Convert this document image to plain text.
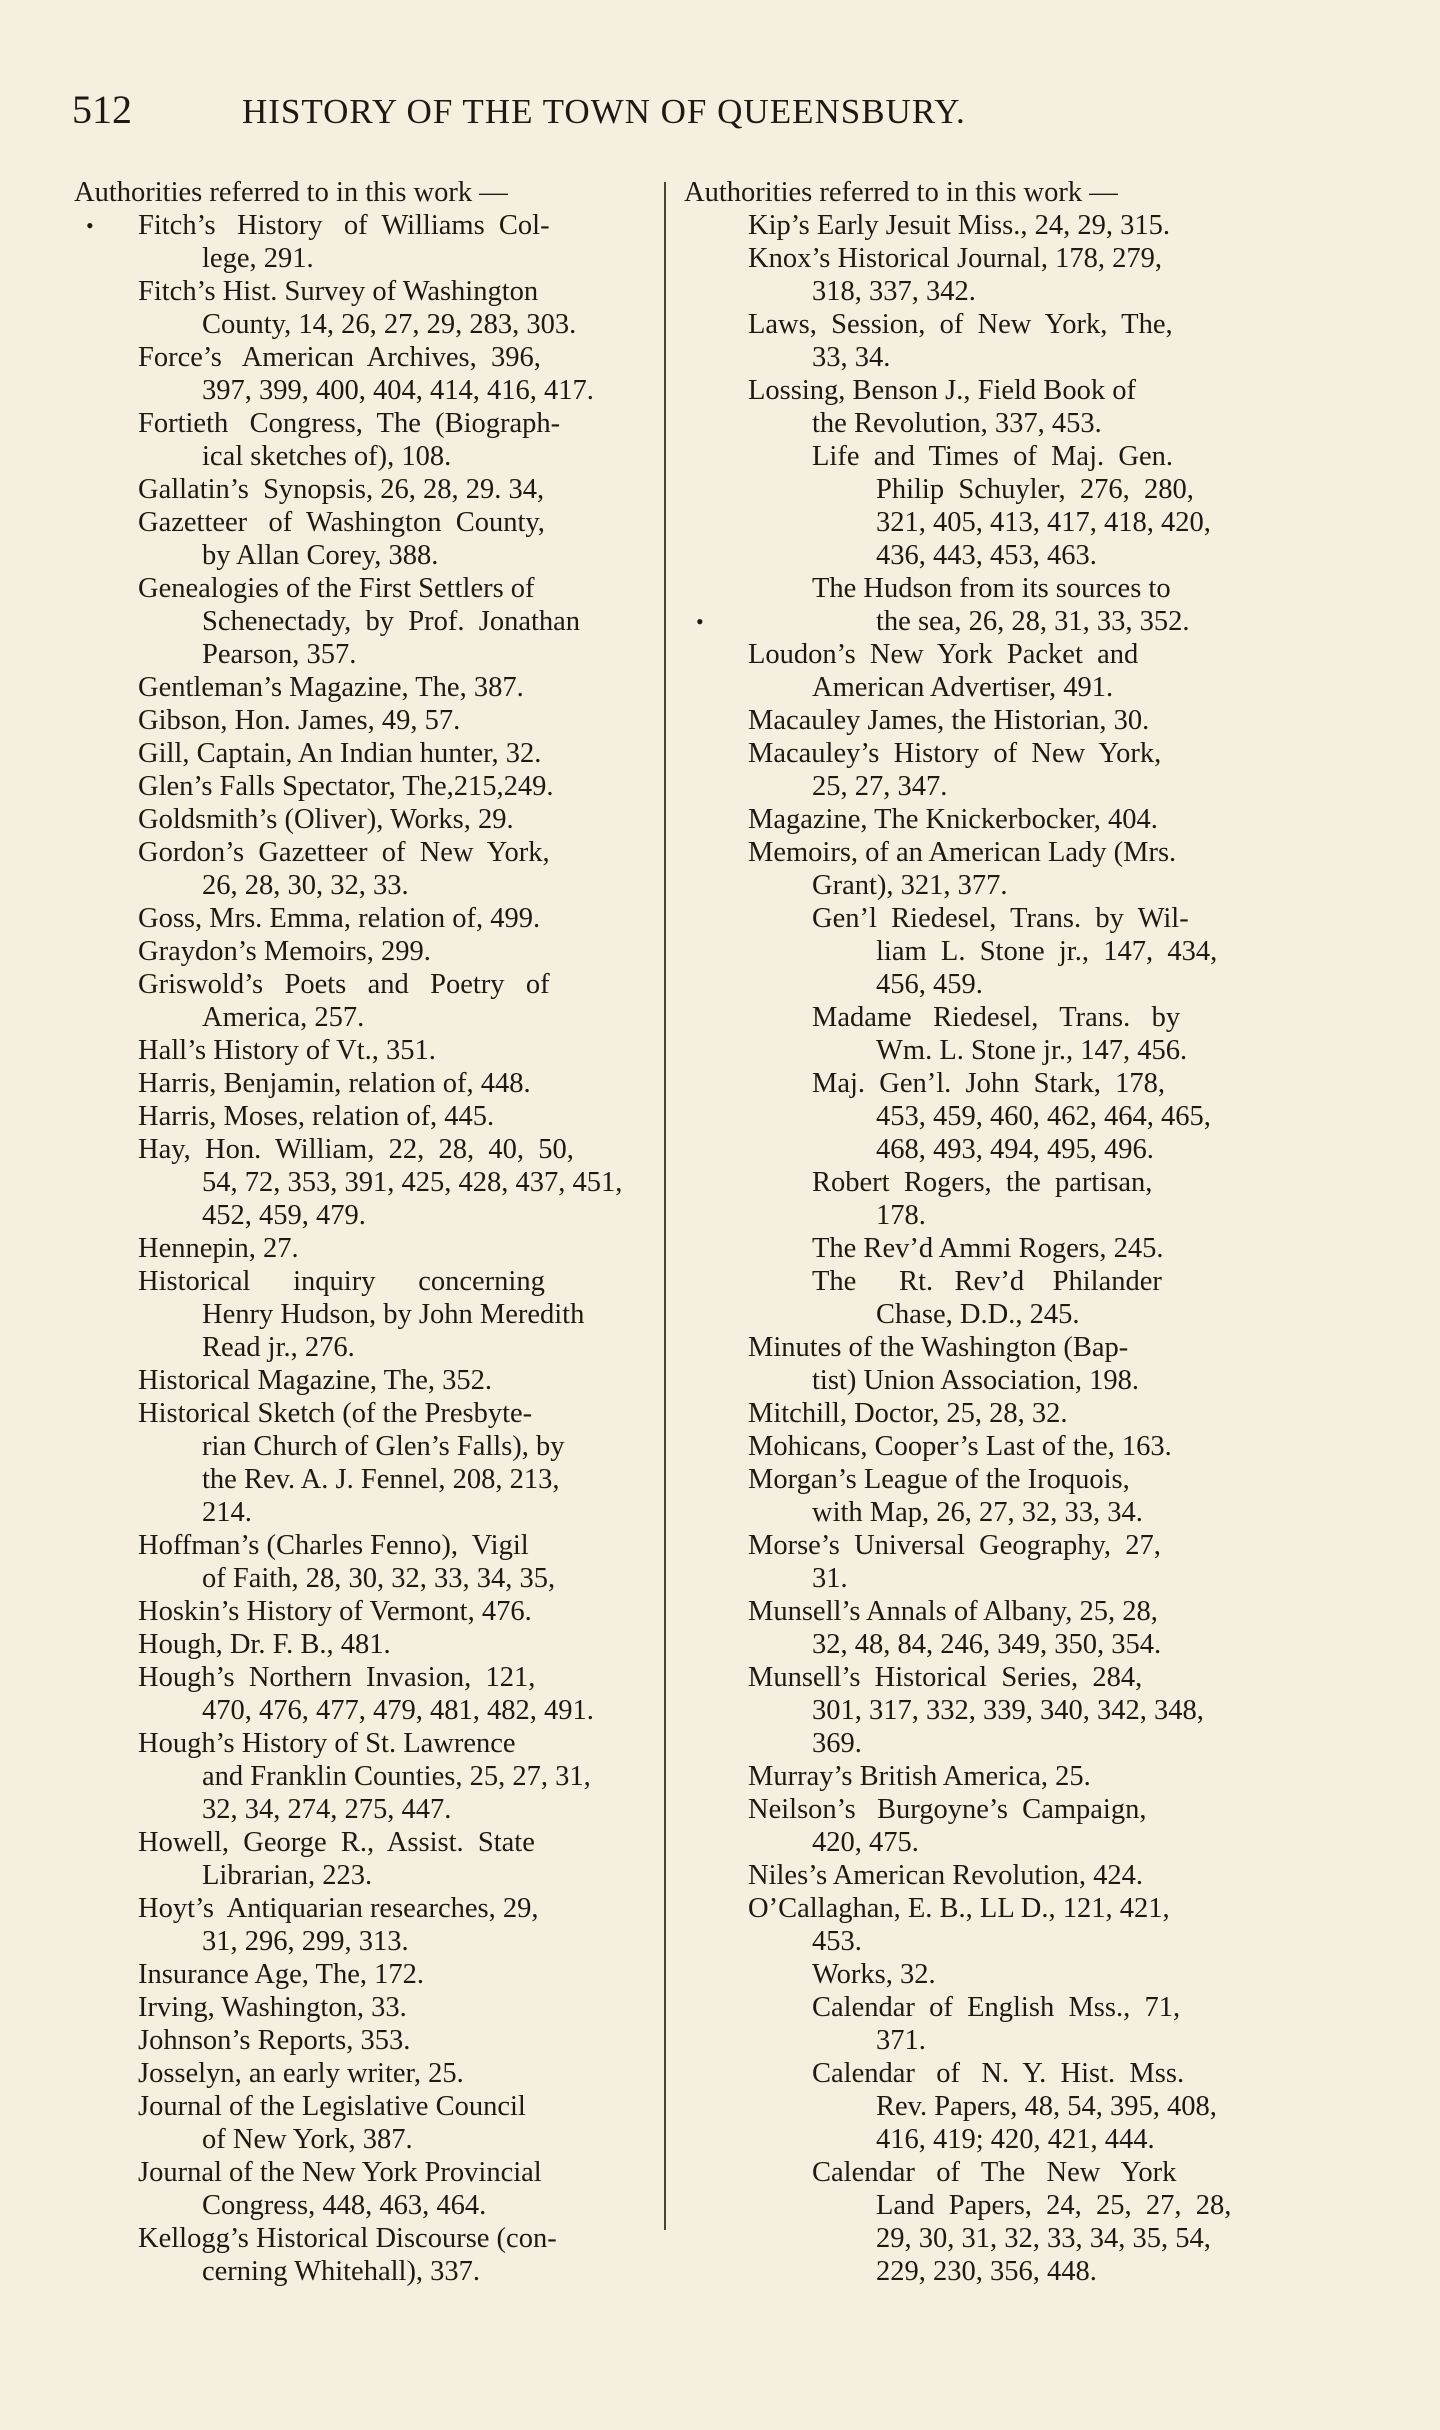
512	HISTORY OF THE TOWN OF QUEENSBURY.
Authorities referred to in this work —
• Fitch’s   History   of  Williams  Col-
lege, 291.
Fitch’s Hist. Survey of Washington
County, 14, 26, 27, 29, 283, 303.
Force’s   American  Archives,  396,
397, 399, 400, 404, 414, 416, 417.
Fortieth   Congress,  The  (Biograph-
ical sketches of), 108.
Gallatin’s  Synopsis, 26, 28, 29. 34,
Gazetteer   of  Washington  County,
by Allan Corey, 388.
Genealogies of the First Settlers of
Schenectady,  by  Prof.  Jonathan
Pearson, 357.
Gentleman’s Magazine, The, 387.
Gibson, Hon. James, 49, 57.
Gill, Captain, An Indian hunter, 32.
Glen’s Falls Spectator, The,215,249.
Goldsmith’s (Oliver), Works, 29.
Gordon’s  Gazetteer  of  New  York,
26, 28, 30, 32, 33.
Goss, Mrs. Emma, relation of, 499.
Graydon’s Memoirs, 299.
Griswold’s   Poets   and   Poetry   of
America, 257.
Hall’s History of Vt., 351.
Harris, Benjamin, relation of, 448.
Harris, Moses, relation of, 445.
Hay,  Hon.  William,  22,  28,  40,  50,
54, 72, 353, 391, 425, 428, 437, 451,
452, 459, 479.
Hennepin, 27.
Historical      inquiry      concerning
Henry Hudson, by John Meredith
Read jr., 276.
Historical Magazine, The, 352.
Historical Sketch (of the Presbyte-
rian Church of Glen’s Falls), by
the Rev. A. J. Fennel, 208, 213,
214.
Hoffman’s (Charles Fenno),  Vigil
of Faith, 28, 30, 32, 33, 34, 35,
Hoskin’s History of Vermont, 476.
Hough, Dr. F. B., 481.
Hough’s  Northern  Invasion,  121,
470, 476, 477, 479, 481, 482, 491.
Hough’s History of St. Lawrence
and Franklin Counties, 25, 27, 31,
32, 34, 274, 275, 447.
Howell,  George  R.,  Assist.  State
Librarian, 223.
Hoyt’s  Antiquarian researches, 29,
31, 296, 299, 313.
Insurance Age, The, 172.
Irving, Washington, 33.
Johnson’s Reports, 353.
Josselyn, an early writer, 25.
Journal of the Legislative Council
of New York, 387.
Journal of the New York Provincial
Congress, 448, 463, 464.
Kellogg’s Historical Discourse (con-
cerning Whitehall), 337.
Authorities referred to in this work —
Kip’s Early Jesuit Miss., 24, 29, 315.
Knox’s Historical Journal, 178, 279,
318, 337, 342.
Laws,  Session,  of  New  York,  The,
33, 34.
Lossing, Benson J., Field Book of
the Revolution, 337, 453.
Life  and  Times  of  Maj.  Gen.
Philip  Schuyler,  276,  280,
321, 405, 413, 417, 418, 420,
436, 443, 453, 463.
The Hudson from its sources to
•	the sea, 26, 28, 31, 33, 352.
Loudon’s  New  York  Packet  and
American Advertiser, 491.
Macauley James, the Historian, 30.
Macauley’s  History  of  New  York,
25, 27, 347.
Magazine, The Knickerbocker, 404.
Memoirs, of an American Lady (Mrs.
Grant), 321, 377.
Gen’l  Riedesel,  Trans.  by  Wil-
liam  L.  Stone  jr.,  147,  434,
456, 459.
Madame   Riedesel,   Trans.   by
Wm. L. Stone jr., 147, 456.
Maj.  Gen’l.  John  Stark,  178,
453, 459, 460, 462, 464, 465,
468, 493, 494, 495, 496.
Robert  Rogers,  the  partisan,
178.
The Rev’d Ammi Rogers, 245.
The      Rt.   Rev’d    Philander
Chase, D.D., 245.
Minutes of the Washington (Bap-
tist) Union Association, 198.
Mitchill, Doctor, 25, 28, 32.
Mohicans, Cooper’s Last of the, 163.
Morgan’s League of the Iroquois,
with Map, 26, 27, 32, 33, 34.
Morse’s  Universal  Geography,  27,
31.
Munsell’s Annals of Albany, 25, 28,
32, 48, 84, 246, 349, 350, 354.
Munsell’s  Historical  Series,  284,
301, 317, 332, 339, 340, 342, 348,
369.
Murray’s British America, 25.
Neilson’s   Burgoyne’s  Campaign,
420, 475.
Niles’s American Revolution, 424.
O’Callaghan, E. B., LL D., 121, 421,
453.
Works, 32.
Calendar  of  English  Mss.,  71,
371.
Calendar   of   N.  Y.  Hist.  Mss.
Rev. Papers, 48, 54, 395, 408,
416, 419; 420, 421, 444.
Calendar   of   The   New   York
Land  Papers,  24,  25,  27,  28,
29, 30, 31, 32, 33, 34, 35, 54,
229, 230, 356, 448.
